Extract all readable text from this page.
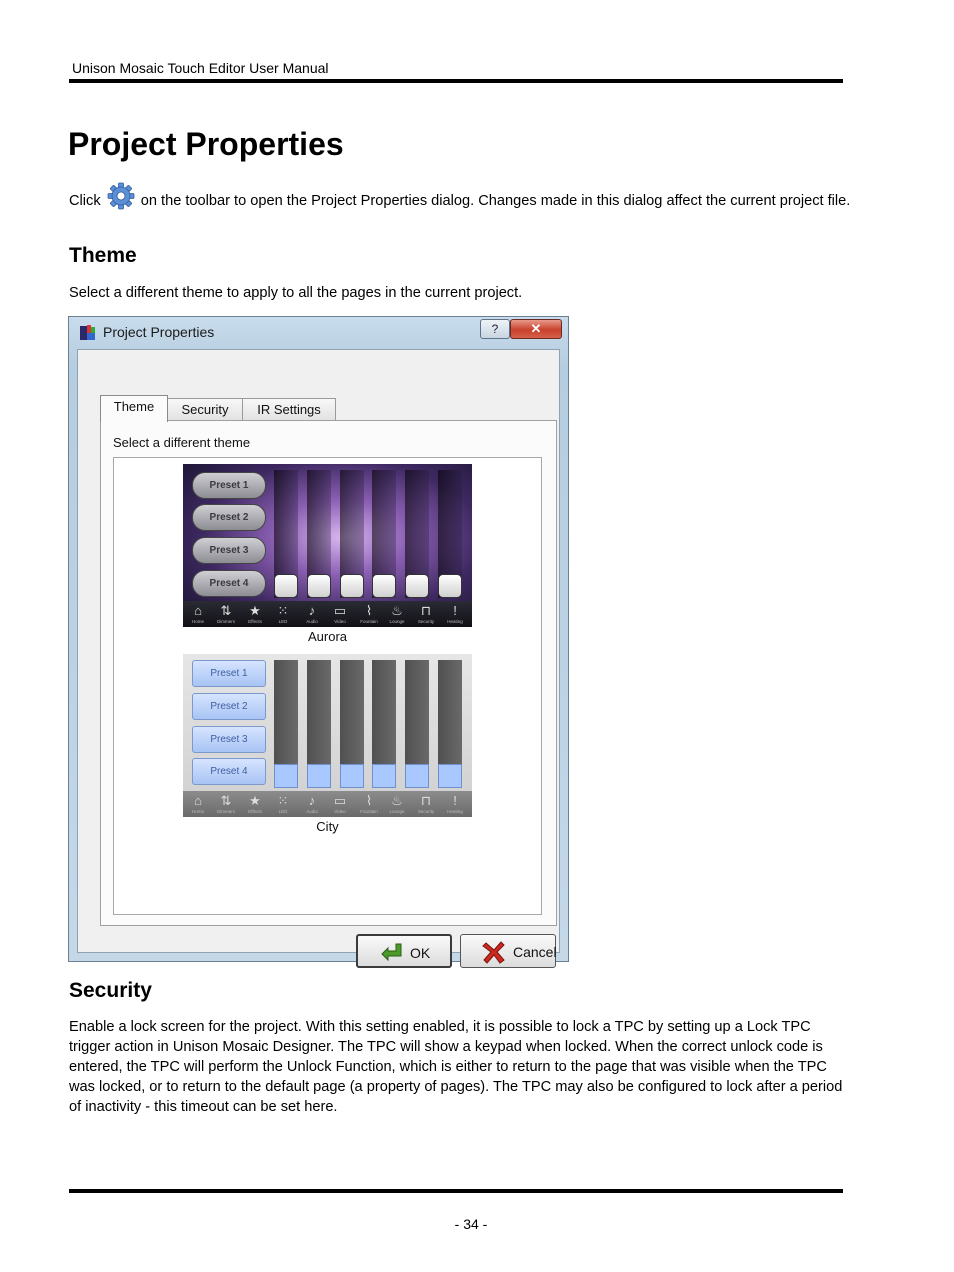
Unison Mosaic Touch Editor User Manual
Project Properties

Click	on the toolbar to open the Project Properties dialog. Changes made in this dialog affect the current project file.

Theme

Select a different theme to apply to all the pages in the current project.

Project Properties	?	✕
Theme	Security	IR Settings
Select a different theme
Preset 1
Preset 2
Preset 3
Preset 4
⌂
Home
⇅
Dimmers
★
Effects
⁙
LED
♪
Audio
▭
Video
⌇
Fountain
♨
Lounge
⊓
Security
!
Heating
Aurora
Preset 1
Preset 2
Preset 3
Preset 4
⌂
Home
⇅
Dimmers
★
Effects
⁙
LED
♪
Audio
▭
Video
⌇
Fountain
♨
Lounge
⊓
Security
!
Heating
City
OK	Cancel
Security

Enable a lock screen for the project. With this setting enabled, it is possible to lock a TPC by setting up a Lock TPC trigger action in Unison Mosaic Designer. The TPC will show a keypad when locked. When the correct unlock code is entered, the TPC will perform the Unlock Function, which is either to return to the page that was visible when the TPC was locked, or to return to the default page (a property of pages). The TPC may also be configured to lock after a period of inactivity - this timeout can be set here.

- 34 -
